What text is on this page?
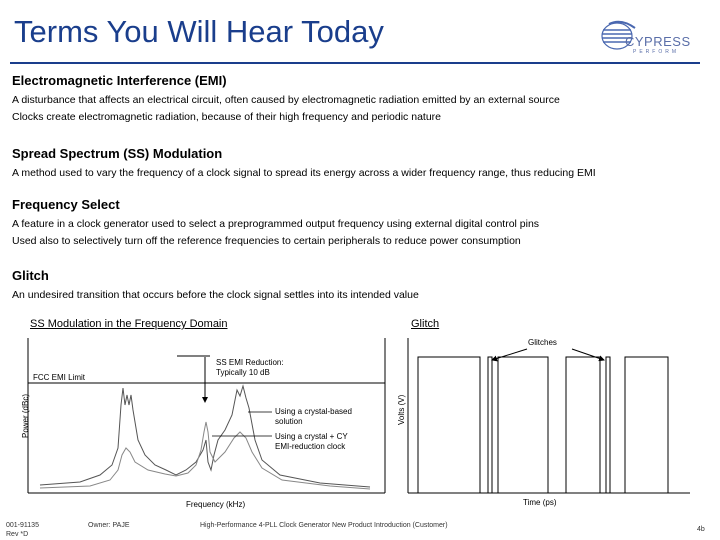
Terms You Will Hear Today	CYPRESS
PERFORM
Electromagnetic Interference (EMI)
A disturbance that affects an electrical circuit, often caused by electromagnetic radiation emitted by an external source
Clocks create electromagnetic radiation, because of their high frequency and periodic nature
Spread Spectrum (SS) Modulation
A method used to vary the frequency of a clock signal to spread its energy across a wider frequency range, thus reducing EMI
Frequency Select
A feature in a clock generator used to select a preprogrammed output frequency using external digital control pins
Used also to selectively turn off the reference frequencies to certain peripherals to reduce power consumption
Glitch
An undesired transition that occurs before the clock signal settles into its intended value
SS Modulation in the Frequency Domain	Glitch
Power (dBc)
Frequency (kHz)
FCC EMI Limit
SS EMI Reduction:
Typically 10 dB
Using a crystal-based
solution
Using a crystal + CY
EMI-reduction clock
Volts (V)
Time (ps)
Glitches
001-91135
Rev *D
Owner: PAJE	High-Performance 4-PLL Clock Generator New Product Introduction (Customer)
4b
